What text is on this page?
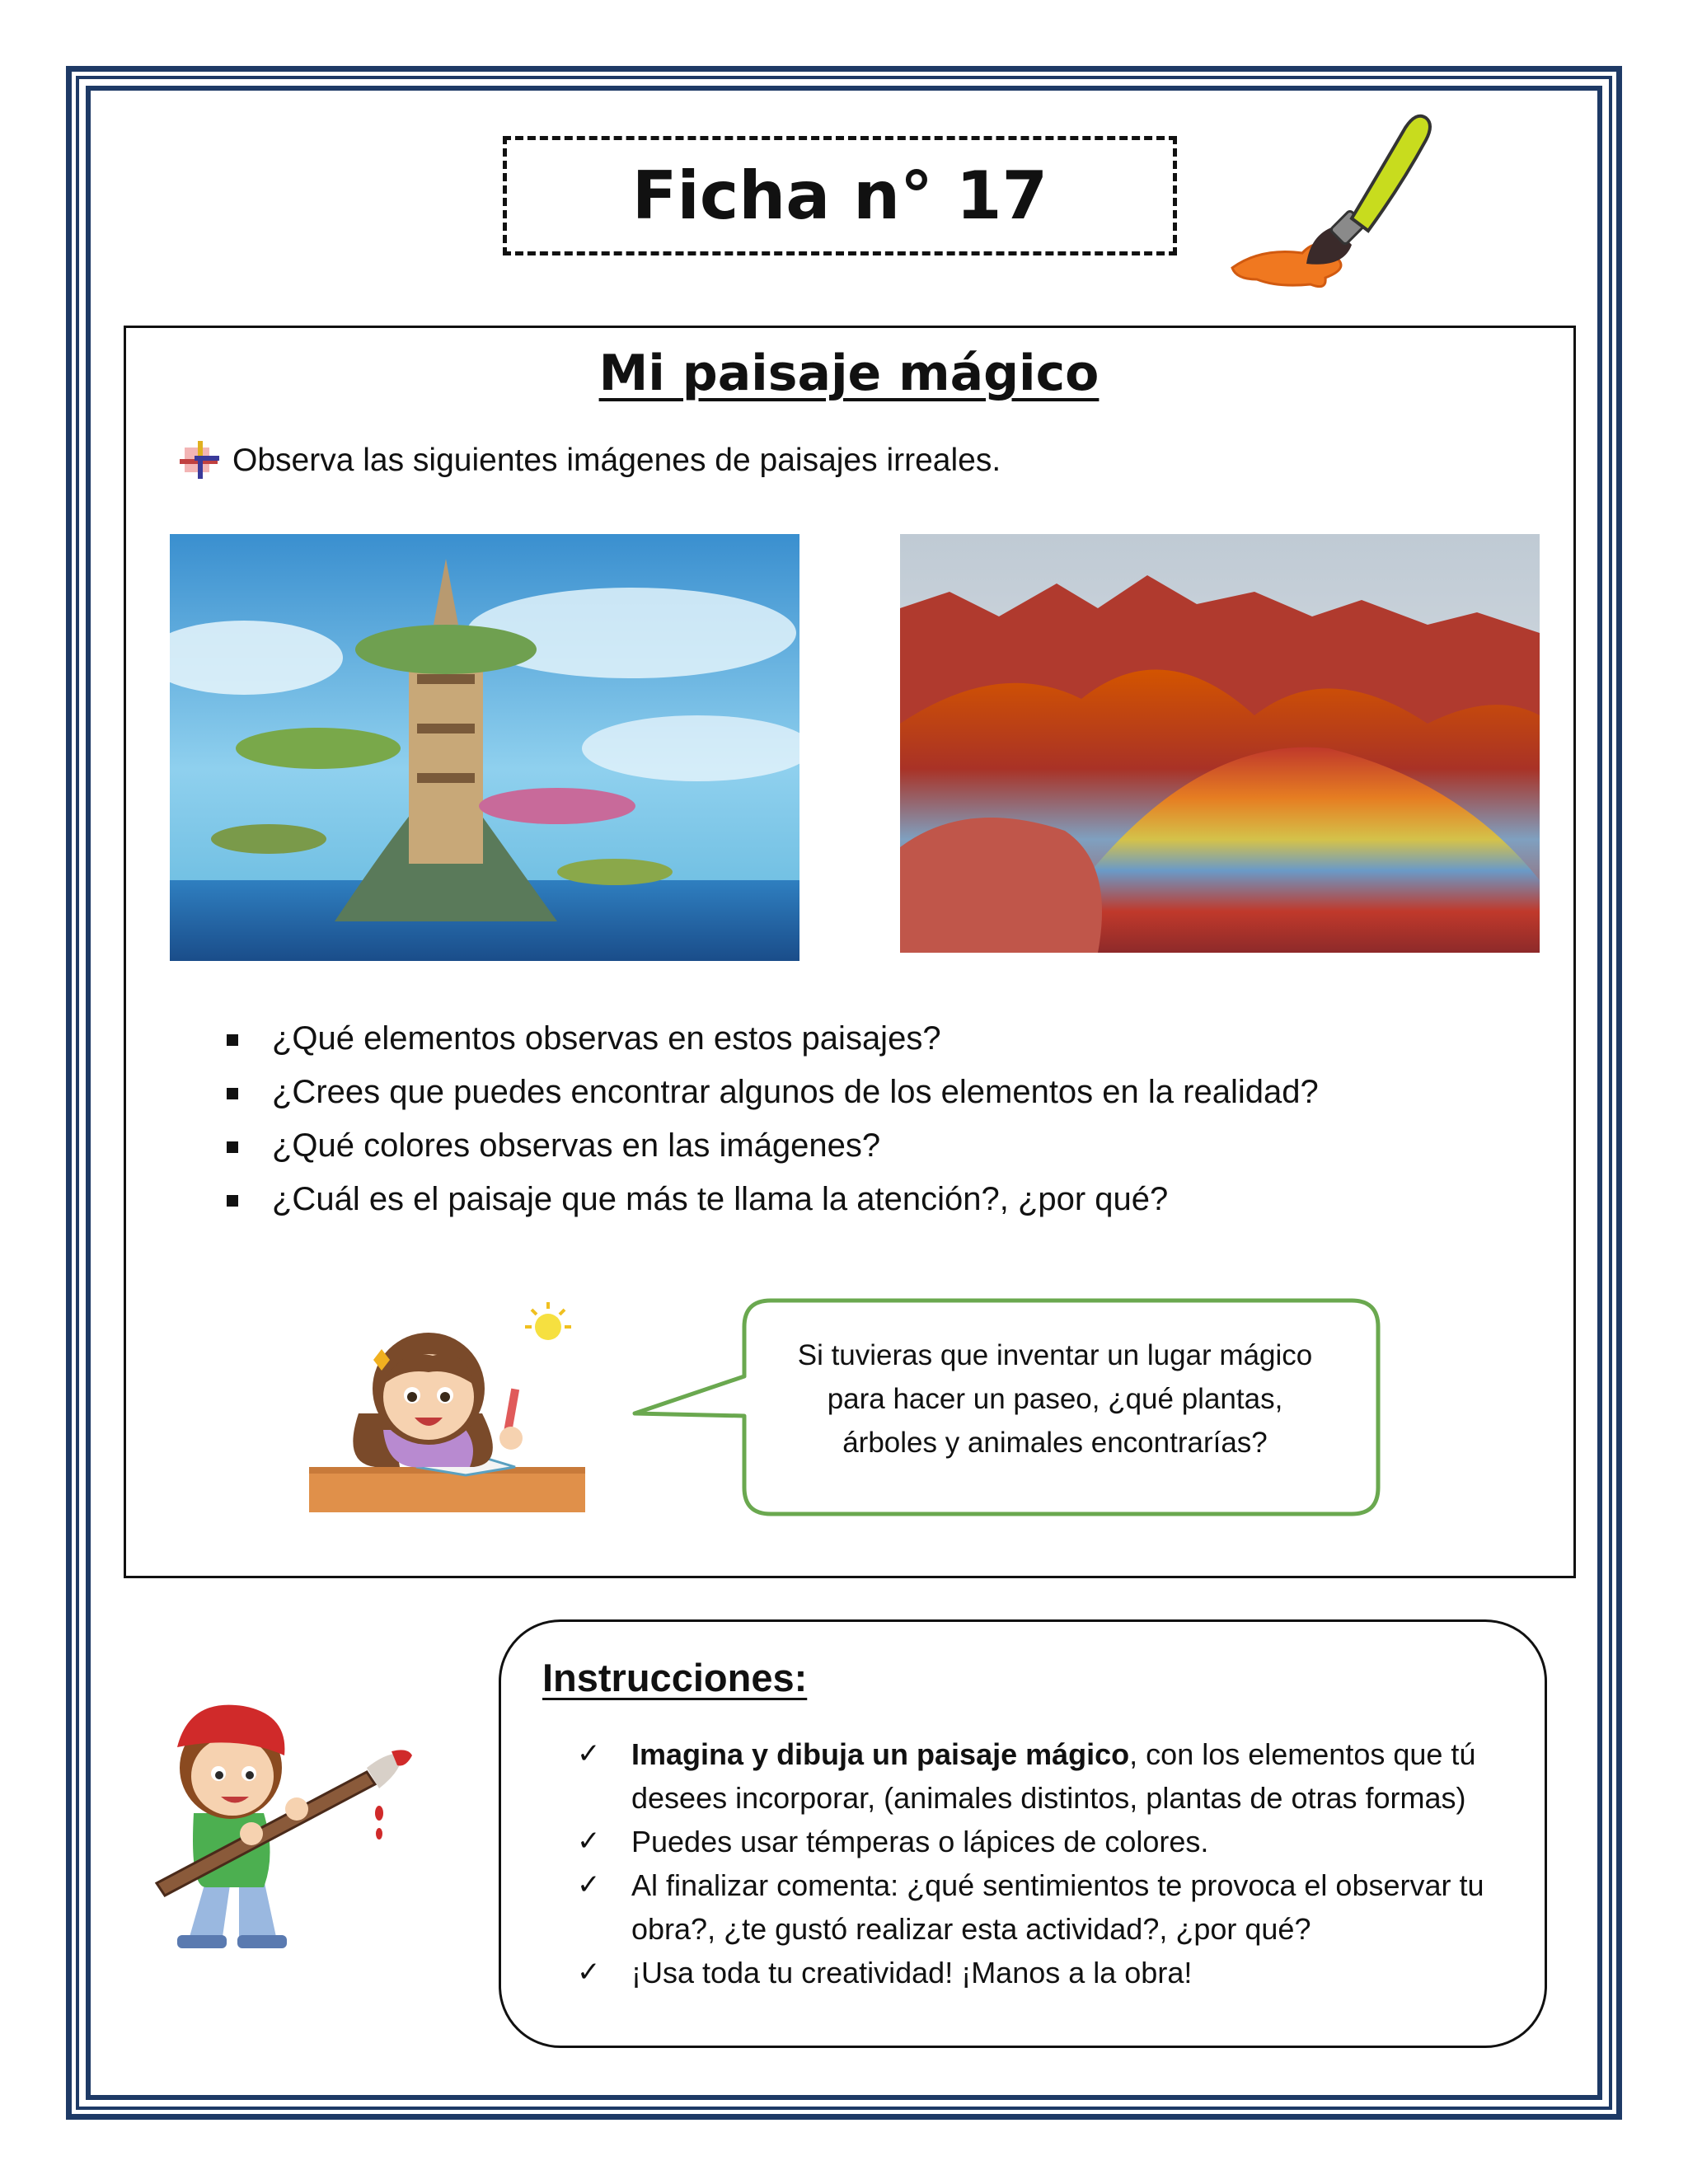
Ficha n° 17
Mi paisaje mágico
Observa las siguientes imágenes de paisajes irreales.
¿Qué elementos observas en estos paisajes?
¿Crees que puedes encontrar algunos de los elementos en la realidad?
¿Qué colores observas en las imágenes?
¿Cuál es el paisaje que más te llama la atención?, ¿por qué?
Si tuvieras que inventar un lugar mágico
para hacer un paseo, ¿qué plantas,
árboles y animales encontrarías?
Instrucciones:
✓ Imagina y dibuja un paisaje mágico, con los elementos que tú desees incorporar, (animales distintos, plantas de otras formas)
✓ Puedes usar témperas o lápices de colores.
✓ Al finalizar comenta: ¿qué sentimientos te provoca el observar tu obra?, ¿te gustó realizar esta actividad?, ¿por qué?
✓ ¡Usa toda tu creatividad! ¡Manos a la obra!
